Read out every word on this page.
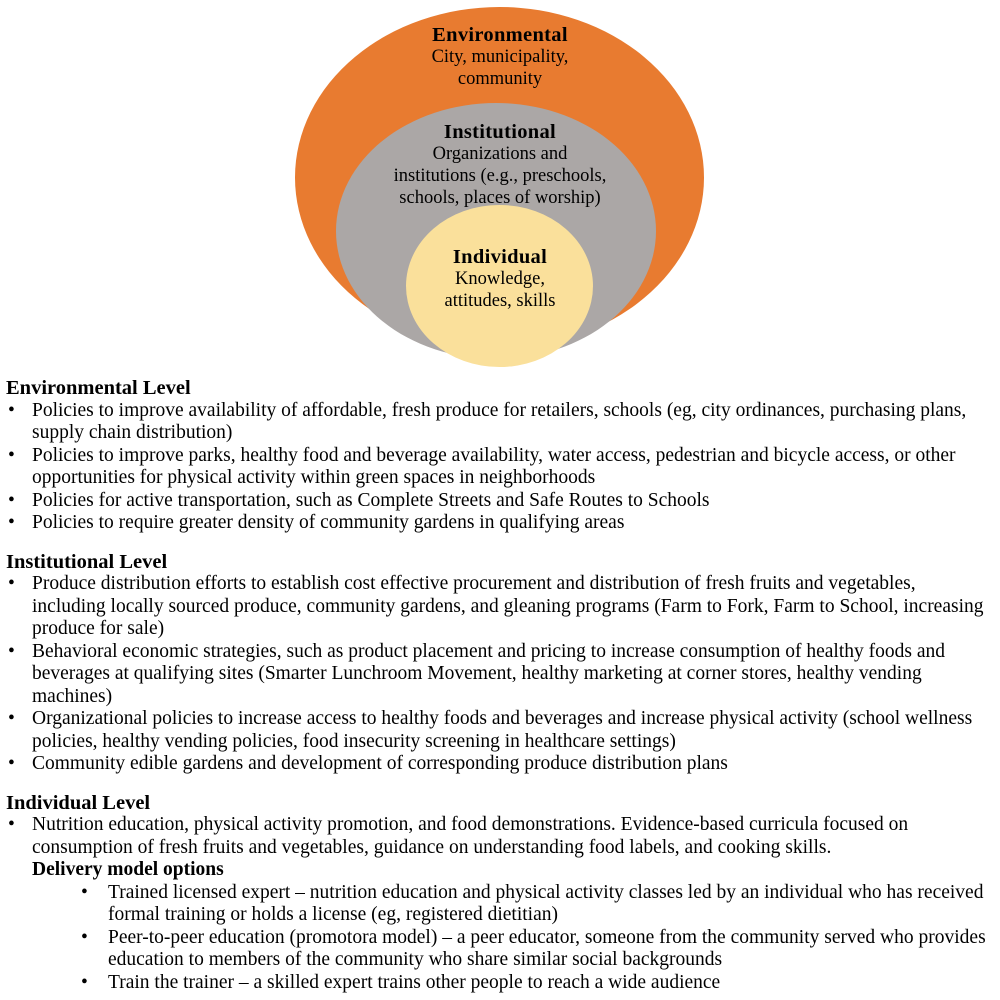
Environmental
City, municipality,
community
Institutional
Organizations and
institutions (e.g., preschools,
schools, places of worship)
Individual
Knowledge,
attitudes, skills
Environmental Level
• Policies to improve availability of affordable, fresh produce for retailers, schools (eg, city ordinances, purchasing plans, supply chain distribution)
• Policies to improve parks, healthy food and beverage availability, water access, pedestrian and bicycle access, or other opportunities for physical activity within green spaces in neighborhoods
• Policies for active transportation, such as Complete Streets and Safe Routes to Schools
• Policies to require greater density of community gardens in qualifying areas
Institutional Level
• Produce distribution efforts to establish cost effective procurement and distribution of fresh fruits and vegetables, including locally sourced produce, community gardens, and gleaning programs (Farm to Fork, Farm to School, increasing produce for sale)
• Behavioral economic strategies, such as product placement and pricing to increase consumption of healthy foods and beverages at qualifying sites (Smarter Lunchroom Movement, healthy marketing at corner stores, healthy vending machines)
• Organizational policies to increase access to healthy foods and beverages and increase physical activity (school wellness policies, healthy vending policies, food insecurity screening in healthcare settings)
• Community edible gardens and development of corresponding produce distribution plans
Individual Level
• Nutrition education, physical activity promotion, and food demonstrations. Evidence-based curricula focused on consumption of fresh fruits and vegetables, guidance on understanding food labels, and cooking skills.
Delivery model options
•	Trained licensed expert – nutrition education and physical activity classes led by an individual who has received formal training or holds a license (eg, registered dietitian)
•	Peer-to-peer education (promotora model) – a peer educator, someone from the community served who provides education to members of the community who share similar social backgrounds
•	Train the trainer – a skilled expert trains other people to reach a wide audience
